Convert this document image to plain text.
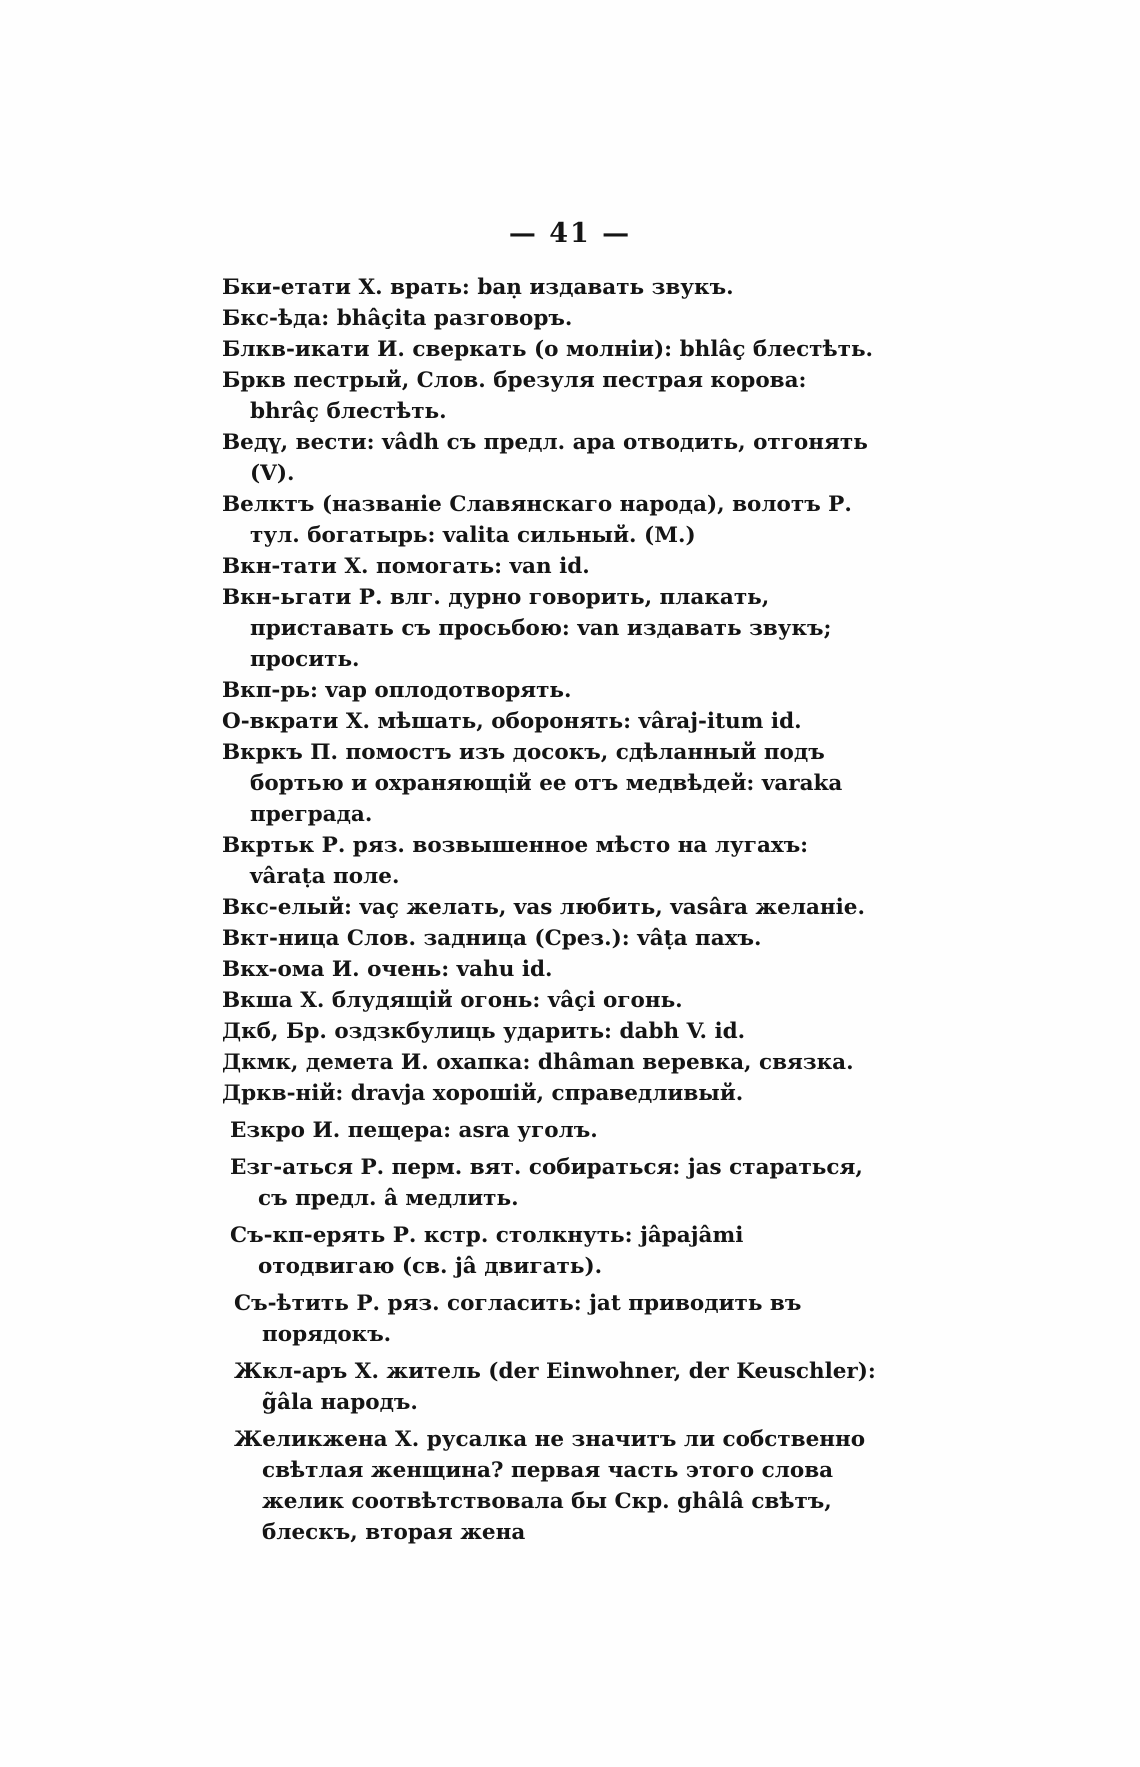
— 41 —

Бки-етати Х. врать: baṇ издавать звукъ.

Бкс-ѣда: bhâçita разговоръ.

Блкв-икати И. сверкать (о молніи): bhlâç блестѣть.

Бркв пестрый, Слов. брезуля пестрая корова: bhrâç блестѣть.

Ведү, вести: vâdh съ предл. ара отводить, отгонять (V).

Велктъ (названіе Славянскаго народа), волотъ Р. тул. богатырь: valita сильный. (М.)

Вкн-тати Х. помогать: van id.

Вкн-ьгати Р. влг. дурно говорить, плакать, приставать съ просьбою: van издавать звукъ; просить.

Вкп-рь: vap оплодотворять.

О-вкрати Х. мѣшать, оборонять: vâraj-itum id.

Вкркъ П. помостъ изъ досокъ, сдѣланный подъ бортью и охраняющій ее отъ медвѣдей: varaka преграда.

Вкртьк Р. ряз. возвышенное мѣсто на лугахъ: vâraṭa поле.

Вкс-елый: vaç желать, vas любить, vasâra желаніе.

Вкт-ница Слов. задница (Срез.): vâṭa пахъ.

Вкх-ома И. очень: vahu id.

Вкша Х. блудящій огонь: vâçi огонь.

Дкб, Бр. оздзкбулиць ударить: dabh V. id.

Дкмк, демета И. охапка: dhâman веревка, связка.

Дркв-ній: dravja хорошій, справедливый.

Езкро И. пещера: asra уголъ.

Езг-аться Р. перм. вят. собираться: jas стараться, съ предл. â медлить.

Съ-кп-ерять Р. кстр. столкнуть: jâpajâmi отодвигаю (св. jâ двигать).

Съ-ѣтить Р. ряз. согласить: jat приводить въ порядокъ.

Жкл-аръ Х. житель (der Einwohner, der Keuschler): g̃âla народъ.

Желикжена Х. русалка не значитъ ли собственно свѣтлая женщина? первая часть этого слова желик соотвѣтствовала бы Скр. ghâlâ свѣтъ, блескъ, вторая жена
